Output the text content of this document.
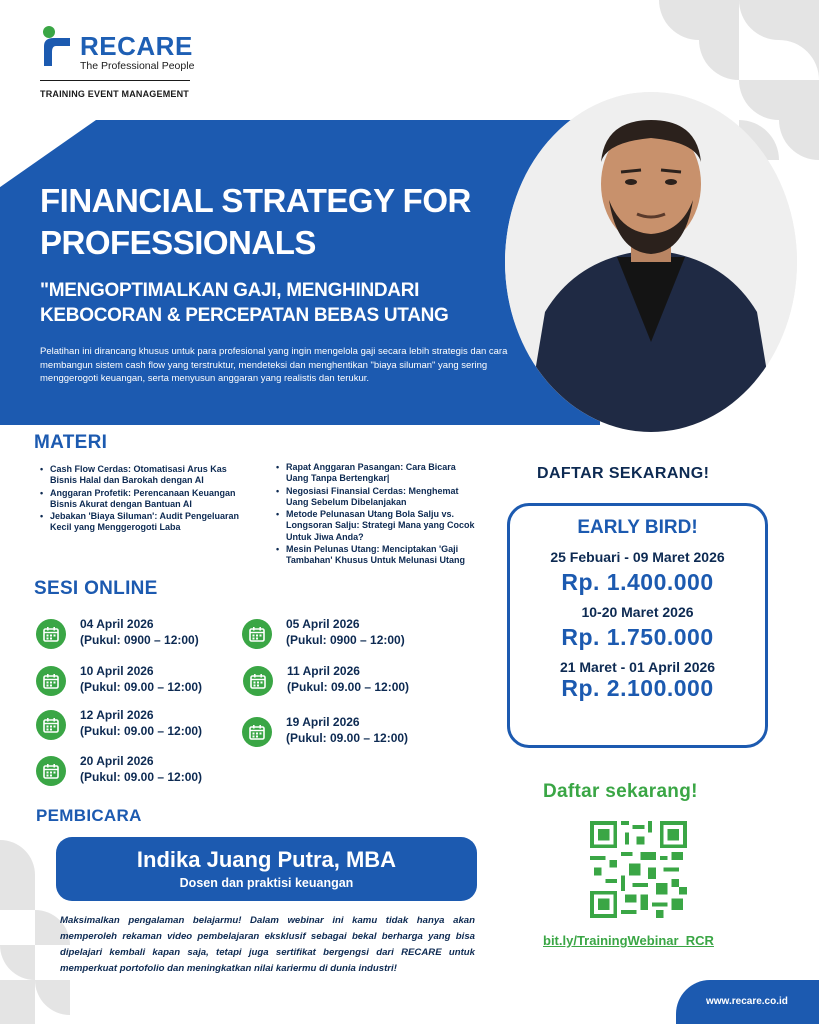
RECARE
The Professional People
TRAINING EVENT MANAGEMENT
FINANCIAL STRATEGY FOR PROFESSIONALS
"MENGOPTIMALKAN GAJI, MENGHINDARI KEBOCORAN & PERCEPATAN BEBAS UTANG
Pelatihan ini dirancang khusus untuk para profesional yang ingin mengelola gaji secara lebih strategis dan cara membangun sistem cash flow yang terstruktur, mendeteksi dan menghentikan "biaya siluman" yang sering menggerogoti keuangan, serta menyusun anggaran yang realistis dan terukur.
MATERI
• Cash Flow Cerdas: Otomatisasi Arus Kas Bisnis Halal dan Barokah dengan AI
• Anggaran Profetik: Perencanaan Keuangan Bisnis Akurat dengan Bantuan AI
• Jebakan 'Biaya Siluman': Audit Pengeluaran Kecil yang Menggerogoti Laba
• Rapat Anggaran Pasangan: Cara Bicara Uang Tanpa Bertengkar|
• Negosiasi Finansial Cerdas: Menghemat Uang Sebelum Dibelanjakan
• Metode Pelunasan Utang Bola Salju vs. Longsoran Salju: Strategi Mana yang Cocok Untuk Jiwa Anda?
• Mesin Pelunas Utang: Menciptakan 'Gaji Tambahan' Khusus Untuk Melunasi Utang
SESI ONLINE
04 April 2026
(Pukul: 0900 – 12:00)
05 April 2026
(Pukul: 0900 – 12:00)
10 April 2026
(Pukul: 09.00 – 12:00)
11 April 2026
(Pukul: 09.00 – 12:00)
12 April 2026
(Pukul: 09.00 – 12:00)
19 April 2026
(Pukul: 09.00 – 12:00)
20 April 2026
(Pukul: 09.00 – 12:00)
PEMBICARA
Indika Juang Putra, MBA
Dosen dan praktisi keuangan
Maksimalkan pengalaman belajarmu! Dalam webinar ini kamu tidak hanya akan memperoleh rekaman video pembelajaran eksklusif sebagai bekal berharga yang bisa dipelajari kembali kapan saja, tetapi juga sertifikat bergengsi dari RECARE untuk memperkuat portofolio dan meningkatkan nilai kariermu di dunia industri!
DAFTAR SEKARANG!
EARLY BIRD!
25 Febuari - 09 Maret 2026
Rp. 1.400.000
10-20 Maret 2026
Rp. 1.750.000
21 Maret - 01 April 2026
Rp. 2.100.000
Daftar sekarang!
bit.ly/TrainingWebinar_RCR
www.recare.co.id
